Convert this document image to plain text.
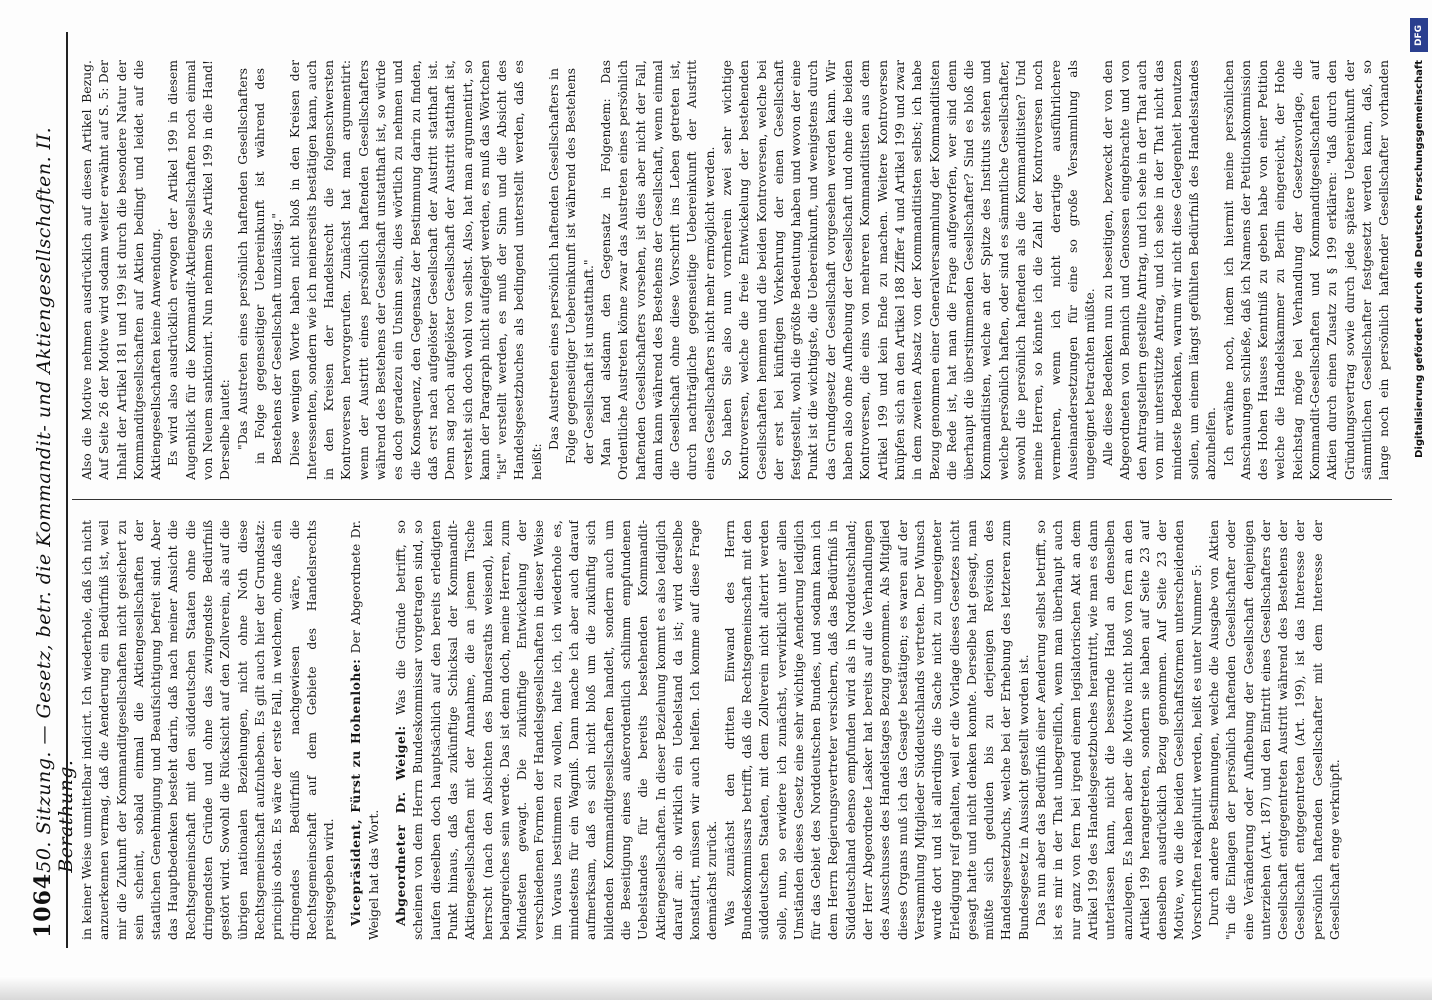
1064
50. Sitzung. — Gesetz, betr. die Kommandit- und Aktiengesellschaften. II. Berathung. in keiner Weise unmittelbar indicirt. Ich wiederhole, daß ich nicht anzuerkennen vermag, daß die Aenderung ein Bedürfniß ist, weil mir die Zukunft der Kommanditgesellschaften nicht gesichert zu sein scheint, sobald einmal die Aktiengesellschaften der staatlichen Genehmigung und Beaufsichtigung befreit sind. Aber das Hauptbedenken besteht darin, daß nach meiner Ansicht die Rechtsgemeinschaft mit den süddeutschen Staaten ohne die dringendsten Gründe und ohne das zwingendste Bedürfniß gestört wird. Sowohl die Rücksicht auf den Zollverein, als auf die übrigen nationalen Beziehungen, nicht ohne Noth diese Rechtsgemeinschaft aufzuheben. Es gilt auch hier der Grundsatz: principiis obsta. Es wäre der erste Fall, in welchem, ohne daß ein dringendes Bedürfniß nachgewiesen wäre, die Rechtsgemeinschaft auf dem Gebiete des Handelsrechts preisgegeben wird. Vicepräsident, Fürst zu Hohenlohe: Der Abgeordnete Dr. Weigel hat das Wort. Abgeordneter Dr. Weigel: Was die Gründe betrifft, so scheinen von dem Herrn Bundeskommissar vorgetragen sind, so laufen dieselben doch hauptsächlich auf den bereits erledigten Punkt hinaus, daß das zukünftige Schicksal der Kommandit-Aktiengesellschaften mit der Annahme, die an jenem Tische herrscht (nach den Absichten des Bundesraths weisend), kein belangreiches sein werde. Das ist denn doch, meine Herren, zum Mindesten gewagt. Die zukünftige Entwickelung der verschiedenen Formen der Handelsgesellschaften in dieser Weise im Voraus bestimmen zu wollen, halte ich, ich wiederhole es, mindestens für ein Wagniß. Dann mache ich aber auch darauf aufmerksam, daß es sich nicht bloß um die zukünftig sich bildenden Kommanditgesellschaften handelt, sondern auch um die Beseitigung eines außerordentlich schlimm empfundenen Uebelstandes für die bereits bestehenden Kommandit-Aktiengesellschaften. In dieser Beziehung kommt es also lediglich darauf an: ob wirklich ein Uebelstand da ist; wird derselbe konstatirt, müssen wir auch helfen. Ich komme auf diese Frage demnächst zurück. Was zunächst den dritten Einwand des Herrn Bundeskommissars betrifft, daß die Rechtsgemeinschaft mit den süddeutschen Staaten, mit dem Zollverein nicht alterirt werden solle, nun, so erwidere ich zunächst, verwirklicht unter allen Umständen dieses Gesetz eine sehr wichtige Aenderung lediglich für das Gebiet des Norddeutschen Bundes, und sodann kann ich dem Herrn Regierungsvertreter versichern, daß das Bedürfniß in Süddeutschland ebenso empfunden wird als in Norddeutschland; der Herr Abgeordnete Lasker hat bereits auf die Verhandlungen des Ausschusses des Handelstages Bezug genommen. Als Mitglied dieses Organs muß ich das Gesagte bestätigen; es waren auf der Versammlung Mitglieder Süddeutschlands vertreten. Der Wunsch wurde dort und ist allerdings die Sache nicht zu ungeeigneter Erledigung reif gehalten, weil er die Vorlage dieses Gesetzes nicht gesagt hatte und nicht denken konnte. Derselbe hat gesagt, man müßte sich gedulden bis zu derjenigen Revision des Handelsgesetzbuchs, welche bei der Erhebung des letzteren zum Bundesgesetz in Aussicht gestellt worden ist. Das nun aber das Bedürfniß einer Aenderung selbst betrifft, so ist es mir in der That unbegreiflich, wenn man überhaupt auch nur ganz von fern bei irgend einem legislatorischen Akt an dem Artikel 199 des Handelsgesetzbuches herantritt, wie man es dann unterlassen kann, nicht die bessernde Hand an denselben anzulegen. Es haben aber die Motive nicht bloß von fern an den Artikel 199 herangetreten, sondern sie haben auf Seite 23 auf denselben ausdrücklich Bezug genommen. Auf Seite 23 der Motive, wo die die beiden Gesellschaftsformen unterscheidenden Vorschriften rekapitulirt werden, heißt es unter Nummer 5: Durch andere Bestimmungen, welche die Ausgabe von Aktien "in die Einlagen der persönlich haftenden Gesellschafter oder eine Veränderung oder Aufhebung der Gesellschaft denjenigen unterziehen (Art. 187) und den Eintritt eines Gesellschafters der Gesellschaft entgegentreten Austritt während des Bestehens der Gesellschaft entgegentreten (Art. 199), ist das Interesse der persönlich haftenden Gesellschafter mit dem Interesse der Gesellschaft enge verknüpft.

Also die Motive nehmen ausdrücklich auf diesen Artikel Bezug. Auf Seite 26 der Motive wird sodann weiter erwähnt auf S. 5: Der Inhalt der Artikel 181 und 199 ist durch die besondere Natur der Kommanditgesellschaften auf Aktien bedingt und leidet auf die Aktiengesellschaften keine Anwendung. Es wird also ausdrücklich erwogen der Artikel 199 in diesem Augenblick für die Kommandit-Aktiengesellschaften noch einmal von Neuem sanktionirt. Nun nehmen Sie Artikel 199 in die Hand! Derselbe lautet: "Das Austreten eines persönlich haftenden Gesellschafters in Folge gegenseitiger Uebereinkunft ist während des Bestehens der Gesellschaft unzulässig." Diese wenigen Worte haben nicht bloß in den Kreisen der Interessenten, sondern wie ich meinerseits bestätigen kann, auch in den Kreisen der Handelsrecht die folgenschwersten Kontroversen hervorgerufen. Zunächst hat man argumentirt: wenn der Austritt eines persönlich haftenden Gesellschafters während des Bestehens der Gesellschaft unstatthaft ist, so würde es doch geradezu ein Unsinn sein, dies wörtlich zu nehmen und die Konsequenz, den Gegensatz der Bestimmung darin zu finden, daß erst nach aufgelöster Gesellschaft der Austritt statthaft ist. Denn sag noch aufgelöster Gesellschaft der Austritt statthaft ist, versteht sich doch wohl von selbst. Also, hat man argumentirt, so kann der Paragraph nicht aufgelegt werden, es muß das Wörtchen "ist" verstellt werden, es muß der Sinn und die Absicht des Handelsgesetzbuches als bedingend unterstellt werden, daß es heißt:

Das Austreten eines persönlich haftenden Gesellschafters in Folge gegenseitiger Uebereinkunft ist während des Bestehens der Gesellschaft ist unstatthaft." Man fand alsdann den Gegensatz in Folgendem: Das Ordentliche Austreten könne zwar das Austreten eines persönlich haftenden Gesellschafters vorsehen, ist dies aber nicht der Fall, dann kann während des Bestehens der Gesellschaft, wenn einmal die Gesellschaft ohne diese Vorschrift ins Leben getreten ist, durch nachträgliche gegenseitige Uebereinkunft der Austritt eines Gesellschafters nicht mehr ermöglicht werden. So haben Sie also nun vornherein zwei sehr wichtige Kontroversen, welche die freie Entwickelung der bestehenden Gesellschaften hemmen und die beiden Kontroversen, welche bei der erst bei künftigen Vorkehrung der einen Gesellschaft festgestellt, wohl die größte Bedeutung haben und wovon der eine Punkt ist die wichtigste, die Uebereinkunft, und wenigstens durch das Grundgesetz der Gesellschaft vorgesehen werden kann. Wir haben also ohne Aufhebung der Gesellschaft und ohne die beiden Kontroversen, die eins von mehreren Kommanditisten aus dem Artikel 199 und kein Ende zu machen. Weitere Kontroversen knüpfen sich an den Artikel 188 Ziffer 4 und Artikel 199 und zwar in dem zweiten Absatz von der Kommanditisten selbst; ich habe Bezug genommen einer Generalversammlung der Kommanditisten die Rede ist, hat man die Frage aufgeworfen, wer sind denn überhaupt die überstimmenden Gesellschafter? Sind es bloß die Kommanditisten, welche an der Spitze des Instituts stehen und welche persönlich haften, oder sind es sämmtliche Gesellschafter, sowohl die persönlich haftenden als die Kommanditisten? Und meine Herren, so könnte ich die Zahl der Kontroversen noch vermehren, wenn ich nicht derartige ausführlichere Auseinandersetzungen für eine so große Versammlung als ungeeignet betrachten müßte. Alle diese Bedenken nun zu beseitigen, bezweckt der von den Abgeordneten von Bennich und Genossen eingebrachte und von den Antragstellern gestellte Antrag, und ich sehe in der That auch von mir unterstützte Antrag, und ich sehe in der That nicht das mindeste Bedenken, warum wir nicht diese Gelegenheit benutzen sollen, um einem längst gefühlten Bedürfniß des Handelsstandes abzuhelfen. Ich erwähne noch, indem ich hiermit meine persönlichen Anschauungen schließe, daß ich Namens der Petitionskommission des Hohen Hauses Kenntniß zu geben habe von einer Petition welche die Handelskammer zu Berlin eingereicht, der Hohe Reichstag möge bei Verhandlung der Gesetzesvorlage, die Kommandit-Gesellschaften und Kommanditgesellschaften auf Aktien durch einen Zusatz zu § 199 erklären: "daß durch den Gründungsvertrag sowie durch jede spätere Uebereinkunft der sämmtlichen Gesellschafter festgesetzt werden kann, daß, so lange noch ein persönlich haftender Gesellschafter vorhanden

DFG
Digitalisierung gefördert durch die Deutsche Forschungsgemeinschaft
